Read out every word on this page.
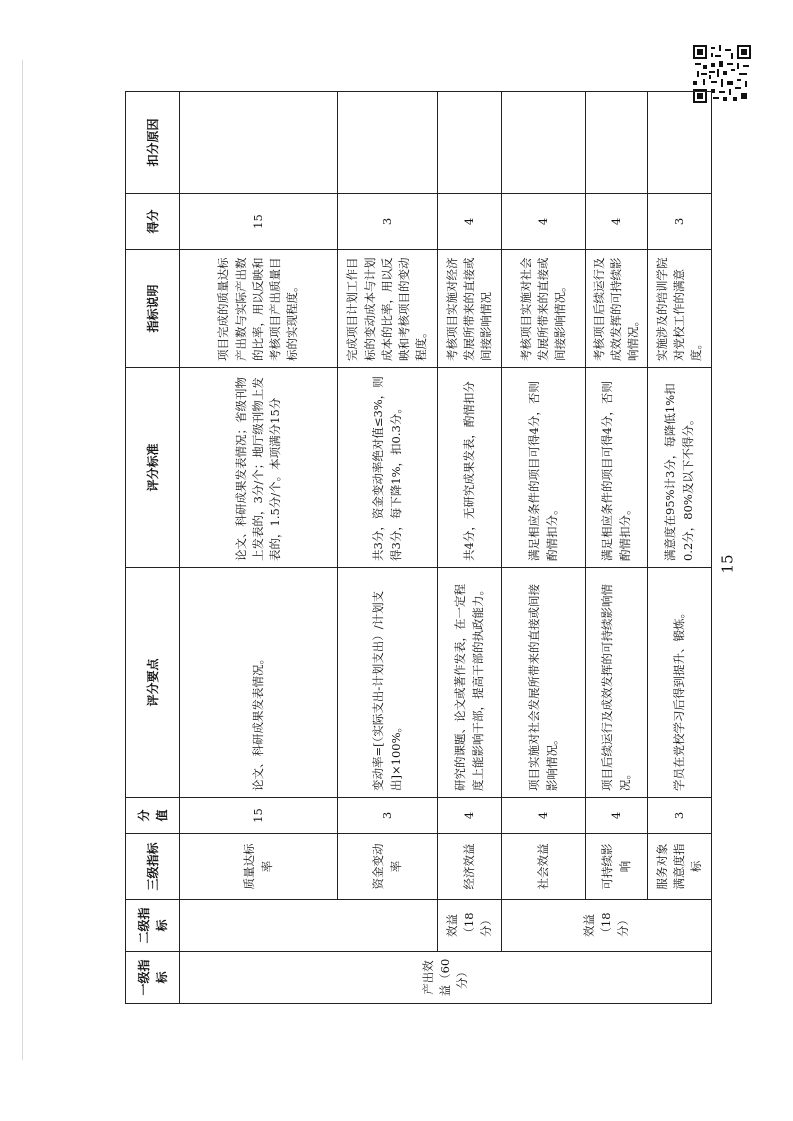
一级指标	二级指标	三级指标	分值	评分要点	评分标准	指标说明	得分	扣分原因
产出效益（60分）		质量达标率	15	论文、科研成果发表情况。	论文、科研成果发表情况；省级刊物上发表的，3分/个；地厅级刊物上发表的，1.5分/个。本项满分15分	项目完成的质量达标产出数与实际产出数的比率，用以反映和考核项目产出质量目标的实现程度。	15	
		资金变动率	3	变动率=[（实际支出-计划支出）/计划支出]×100%。	共3分，资金变动率绝对值≤3%，则得3分，每下降1%，扣0.3分。	完成项目计划工作目标的变动成本与计划成本的比率，用以反映和考核项目的变动程度。	3	
	效益（18分）	经济效益	4	研究的课题、论文或著作发表，在一定程度上能影响干部，提高干部的执政能力。	共4分，无研究成果发表，酌情扣分	考核项目实施对经济发展所带来的直接或间接影响情况	4	
	效益（18分）	社会效益	4	项目实施对社会发展所带来的直接或间接影响情况。	满足相应条件的项目可得4分，否则酌情扣分。	考核项目实施对社会发展所带来的直接或间接影响情况。	4	
		可持续影响	4	项目后续运行及成效发挥的可持续影响情况。	满足相应条件的项目可得4分，否则酌情扣分。	考核项目后续运行及成效发挥的可持续影响情况。	4	
		服务对象满意度指标	3	学员在党校学习后得到提升、锻炼。	满意度在95%计3分，每降低1%扣0.2分，80%及以下不得分。	实施涉及的培训学院对党校工作的满意度。	3	
15
